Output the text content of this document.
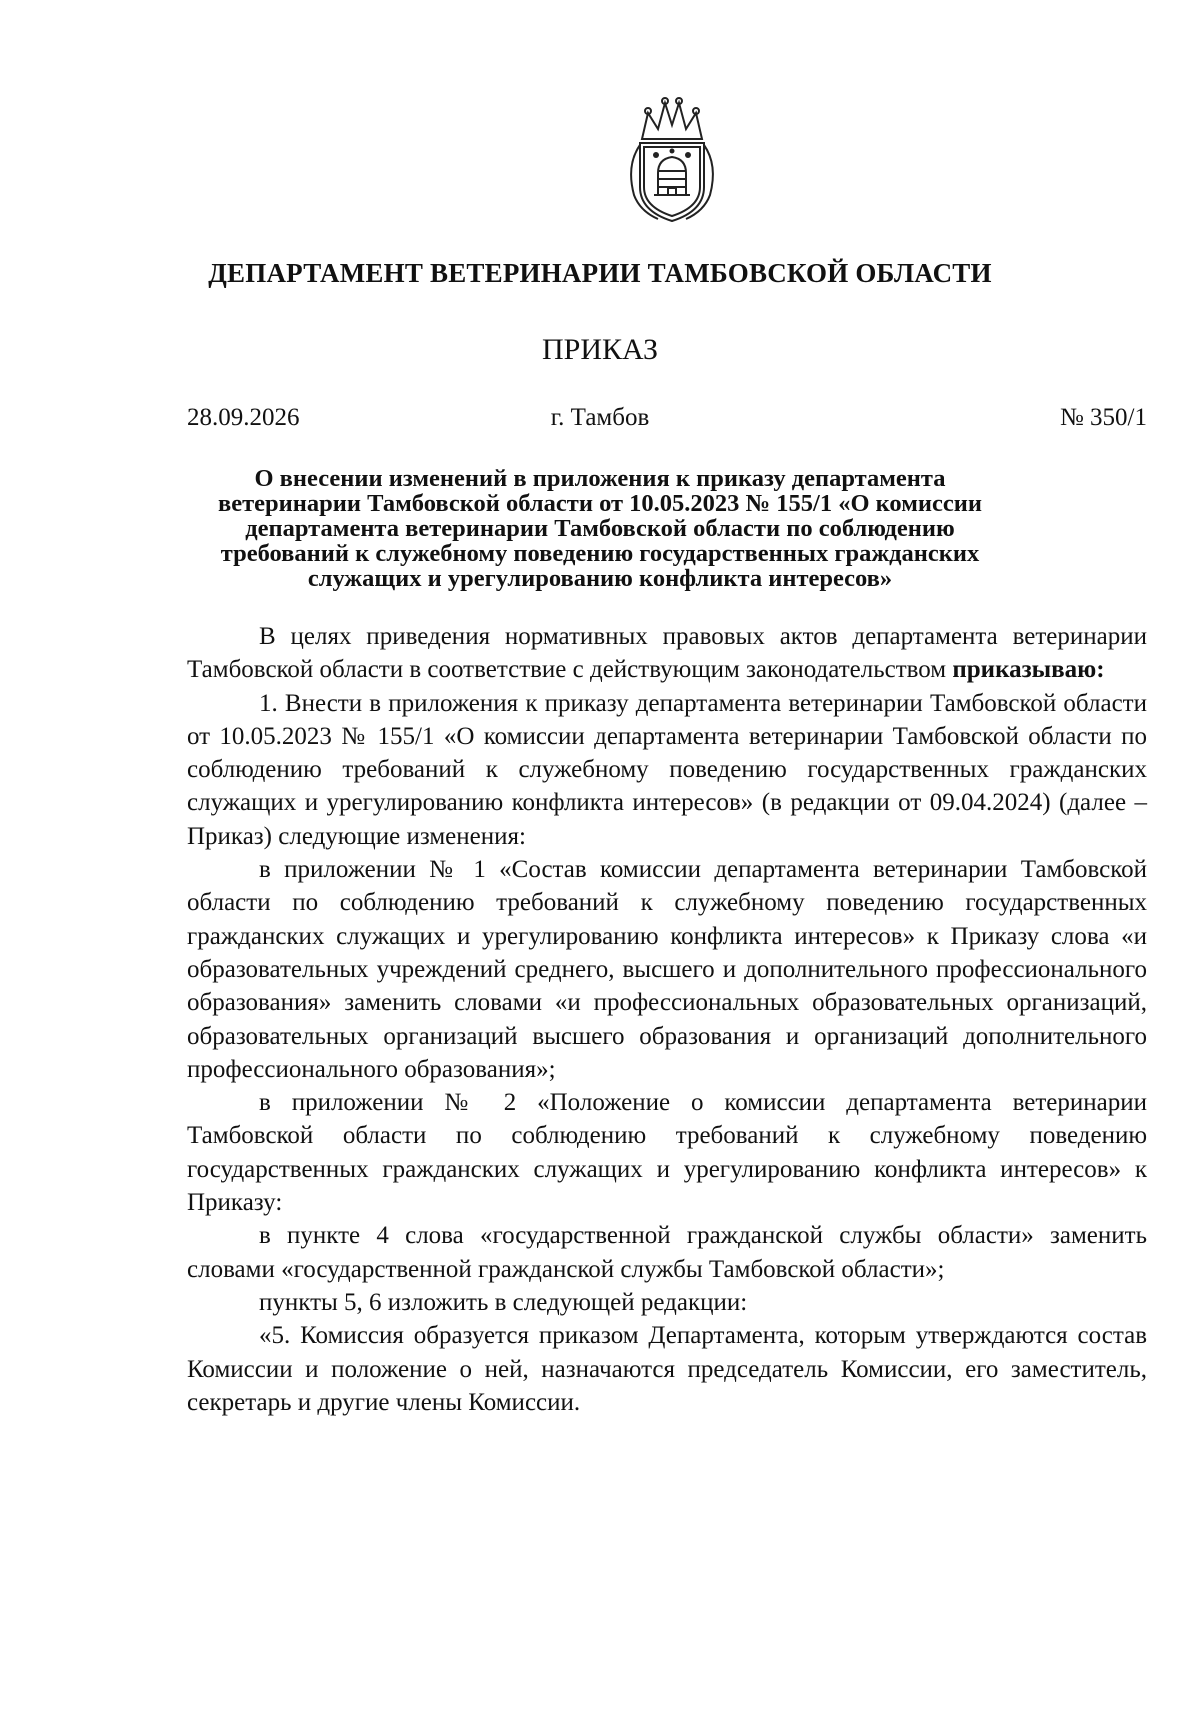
ДЕПАРТАМЕНТ ВЕТЕРИНАРИИ ТАМБОВСКОЙ ОБЛАСТИ
ПРИКАЗ
28.09.2026	г. Тамбов	№ 350/1
О внесении изменений в приложения к приказу департамента
ветеринарии Тамбовской области от 10.05.2023 № 155/1 «О комиссии
департамента ветеринарии Тамбовской области по соблюдению
требований к служебному поведению государственных гражданских
служащих и урегулированию конфликта интересов»

В целях приведения нормативных правовых актов департамента ветеринарии Тамбовской области в соответствие с действующим законодательством приказываю:

1. Внести в приложения к приказу департамента ветеринарии Тамбовской области от 10.05.2023 № 155/1 «О комиссии департамента ветеринарии Тамбовской области по соблюдению требований к служебному поведению государственных гражданских служащих и урегулированию конфликта интересов» (в редакции от 09.04.2024) (далее – Приказ) следующие изменения:

в приложении № 1 «Состав комиссии департамента ветеринарии Тамбовской области по соблюдению требований к служебному поведению государственных гражданских служащих и урегулированию конфликта интересов» к Приказу слова «и образовательных учреждений среднего, высшего и дополнительного профессионального образования» заменить словами «и профессиональных образовательных организаций, образовательных организаций высшего образования и организаций дополнительного профессионального образования»;

в приложении № 2 «Положение о комиссии департамента ветеринарии Тамбовской области по соблюдению требований к служебному поведению государственных гражданских служащих и урегулированию конфликта интересов» к Приказу:

в пункте 4 слова «государственной гражданской службы области» заменить словами «государственной гражданской службы Тамбовской области»;

пункты 5, 6 изложить в следующей редакции:

«5. Комиссия образуется приказом Департамента, которым утверждаются состав Комиссии и положение о ней, назначаются председатель Комиссии, его заместитель, секретарь и другие члены Комиссии.
